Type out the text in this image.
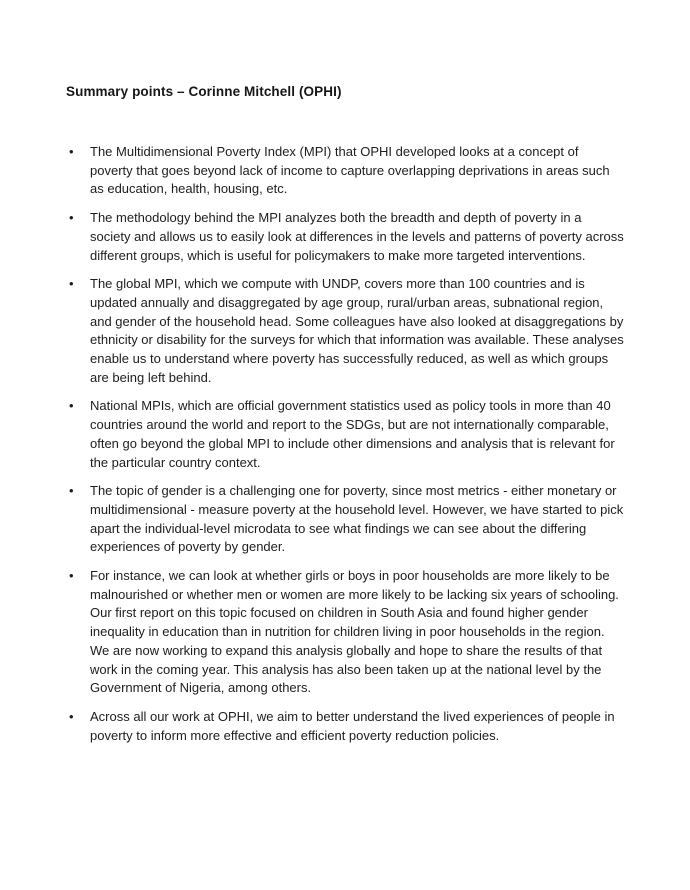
Summary points – Corinne Mitchell (OPHI)
•	The Multidimensional Poverty Index (MPI) that OPHI developed looks at a concept of poverty that goes beyond lack of income to capture overlapping deprivations in areas such as education, health, housing, etc.
•	The methodology behind the MPI analyzes both the breadth and depth of poverty in a society and allows us to easily look at differences in the levels and patterns of poverty across different groups, which is useful for policymakers to make more targeted interventions.
•	The global MPI, which we compute with UNDP, covers more than 100 countries and is updated annually and disaggregated by age group, rural/urban areas, subnational region, and gender of the household head. Some colleagues have also looked at disaggregations by ethnicity or disability for the surveys for which that information was available. These analyses enable us to understand where poverty has successfully reduced, as well as which groups are being left behind.
•	National MPIs, which are official government statistics used as policy tools in more than 40 countries around the world and report to the SDGs, but are not internationally comparable, often go beyond the global MPI to include other dimensions and analysis that is relevant for the particular country context.
•	The topic of gender is a challenging one for poverty, since most metrics - either monetary or multidimensional - measure poverty at the household level. However, we have started to pick apart the individual-level microdata to see what findings we can see about the differing experiences of poverty by gender.
•	For instance, we can look at whether girls or boys in poor households are more likely to be malnourished or whether men or women are more likely to be lacking six years of schooling. Our first report on this topic focused on children in South Asia and found higher gender inequality in education than in nutrition for children living in poor households in the region. We are now working to expand this analysis globally and hope to share the results of that work in the coming year. This analysis has also been taken up at the national level by the Government of Nigeria, among others.
•	Across all our work at OPHI, we aim to better understand the lived experiences of people in poverty to inform more effective and efficient poverty reduction policies.
